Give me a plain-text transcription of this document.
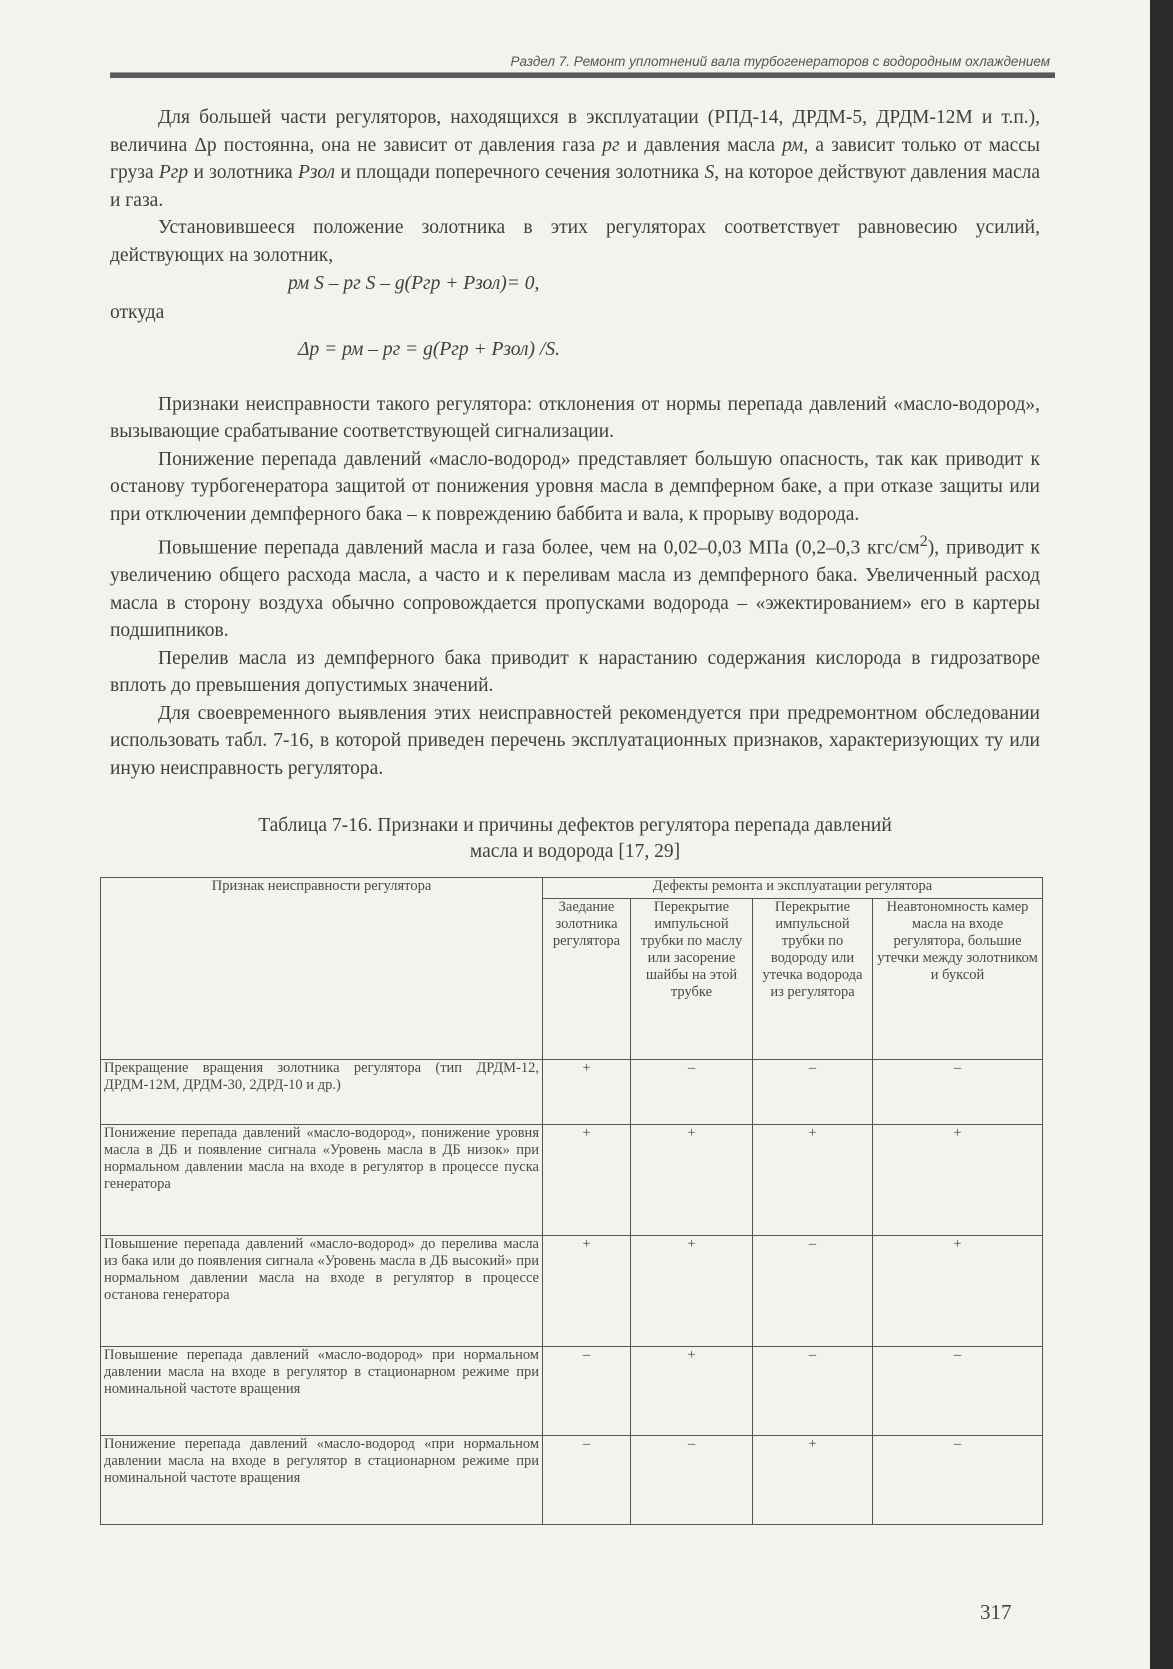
Раздел 7. Ремонт уплотнений вала турбогенераторов с водородным охлаждением

Для большей части регуляторов, находящихся в эксплуатации (РПД-14, ДРДМ-5, ДРДМ-12М и т.п.), величина Δр постоянна, она не зависит от давления газа рг и давления масла рм, а зависит только от массы груза Ргр и золотника Рзол и площади поперечного сечения золотника S, на которое действуют давления масла и газа.

Установившееся положение золотника в этих регуляторах соответствует равновесию усилий, действующих на золотник,

рм S – рг S – g(Ргр + Рзол)= 0,

откуда

Δр = рм – рг = g(Ргр + Рзол) /S.

Признаки неисправности такого регулятора: отклонения от нормы перепада давлений «масло-водород», вызывающие срабатывание соответствующей сигнализации.

Понижение перепада давлений «масло-водород» представляет большую опасность, так как приводит к останову турбогенератора защитой от понижения уровня масла в демпферном баке, а при отказе защиты или при отключении демпферного бака – к повреждению баббита и вала, к прорыву водорода.

Повышение перепада давлений масла и газа более, чем на 0,02–0,03 МПа (0,2–0,3 кгс/$см^2$), приводит к увеличению общего расхода масла, а часто и к переливам масла из демпферного бака. Увеличенный расход масла в сторону воздуха обычно сопровождается пропусками водорода – «эжектированием» его в картеры подшипников.

Перелив масла из демпферного бака приводит к нарастанию содержания кислорода в гидрозатворе вплоть до превышения допустимых значений.

Для своевременного выявления этих неисправностей рекомендуется при предремонтном обследовании использовать табл. 7-16, в которой приведен перечень эксплуатационных признаков, характеризующих ту или иную неисправность регулятора.

Таблица 7-16. Признаки и причины дефектов регулятора перепада давлений
масла и водорода [17, 29]
Признак неисправности регулятора	Дефекты ремонта и эксплуатации регулятора			
	Заедание золотника регулятора	Перекрытие импульсной трубки по маслу или засорение шайбы на этой трубке	Перекрытие импульсной трубки по водороду или утечка водорода из регулятора	Неавтономность камер масла на входе регулятора, большие утечки между золотником и буксой
Прекращение вращения золотника регулятора (тип ДРДМ-12, ДРДМ-12М, ДРДМ-30, 2ДРД-10 и др.)	+	–	–	–
Понижение перепада давлений «масло-водород», понижение уровня масла в ДБ и появление сигнала «Уровень масла в ДБ низок» при нормальном давлении масла на входе в регулятор в процессе пуска генератора	+	+	+	+
Повышение перепада давлений «масло-водород» до перелива масла из бака или до появления сигнала «Уровень масла в ДБ высокий» при нормальном давлении масла на входе в регулятор в процессе останова генератора	+	+	–	+
Повышение перепада давлений «масло-водород» при нормальном давлении масла на входе в регулятор в стационарном режиме при номинальной частоте вращения	–	+	–	–
Понижение перепада давлений «масло-водород «при нормальном давлении масла на входе в регулятор в стационарном режиме при номинальной частоте вращения	–	–	+	–
317
